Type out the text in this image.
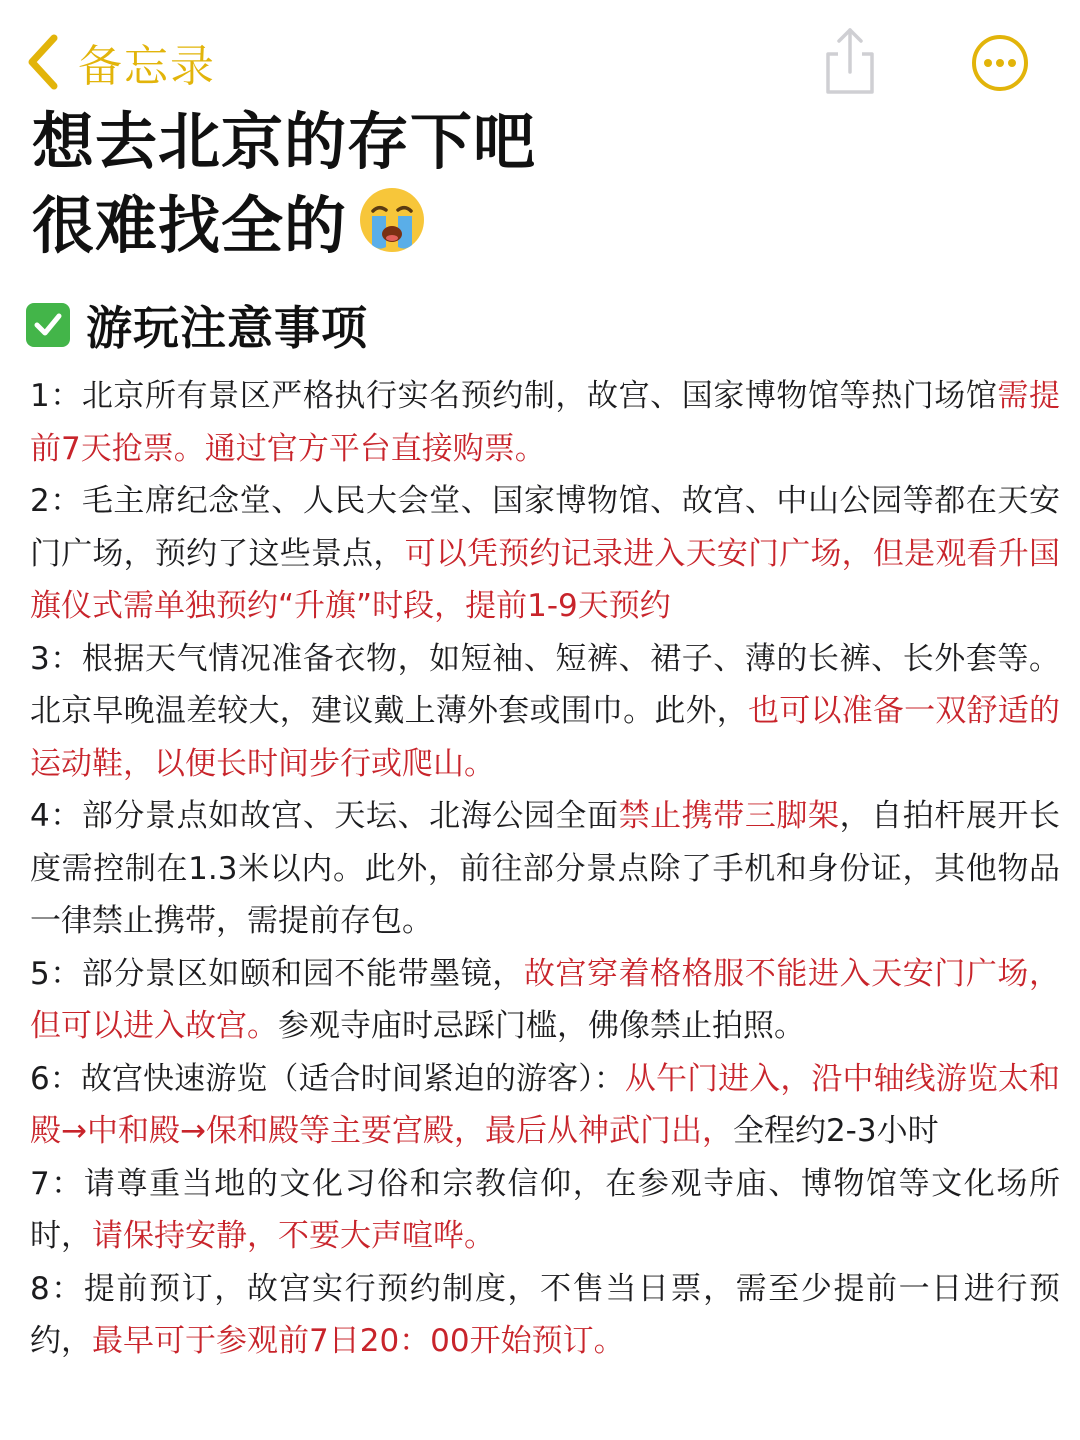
备忘录
想去北京的存下吧
很难找全的
游玩注意事项

1：北京所有景区严格执行实名预约制，故宫、国家博物馆等热门场馆需提前7天抢票。通过官方平台直接购票。

2：毛主席纪念堂、人民大会堂、国家博物馆、故宫、中山公园等都在天安门广场，预约了这些景点，可以凭预约记录进入天安门广场，但是观看升国旗仪式需单独预约“升旗”时段，提前1-9天预约

3：根据天气情况准备衣物，如短袖、短裤、裙子、薄的长裤、长外套等。北京早晚温差较大，建议戴上薄外套或围巾。此外，也可以准备一双舒适的运动鞋，以便长时间步行或爬山。

4：部分景点如故宫、天坛、北海公园全面禁止携带三脚架，自拍杆展开长度需控制在1.3米以内。此外，前往部分景点除了手机和身份证，其他物品一律禁止携带，需提前存包。

5：部分景区如颐和园不能带墨镜，故宫穿着格格服不能进入天安门广场，但可以进入故宫。参观寺庙时忌踩门槛，佛像禁止拍照。

6：故宫快速游览（适合时间紧迫的游客）：从午门进入，沿中轴线游览太和殿→中和殿→保和殿等主要宫殿，最后从神武门出，全程约2-3小时

7：请尊重当地的文化习俗和宗教信仰，在参观寺庙、博物馆等文化场所时，请保持安静，不要大声喧哗。

8：提前预订，故宫实行预约制度，不售当日票，需至少提前一日进行预约，最早可于参观前7日20：00开始预订。
